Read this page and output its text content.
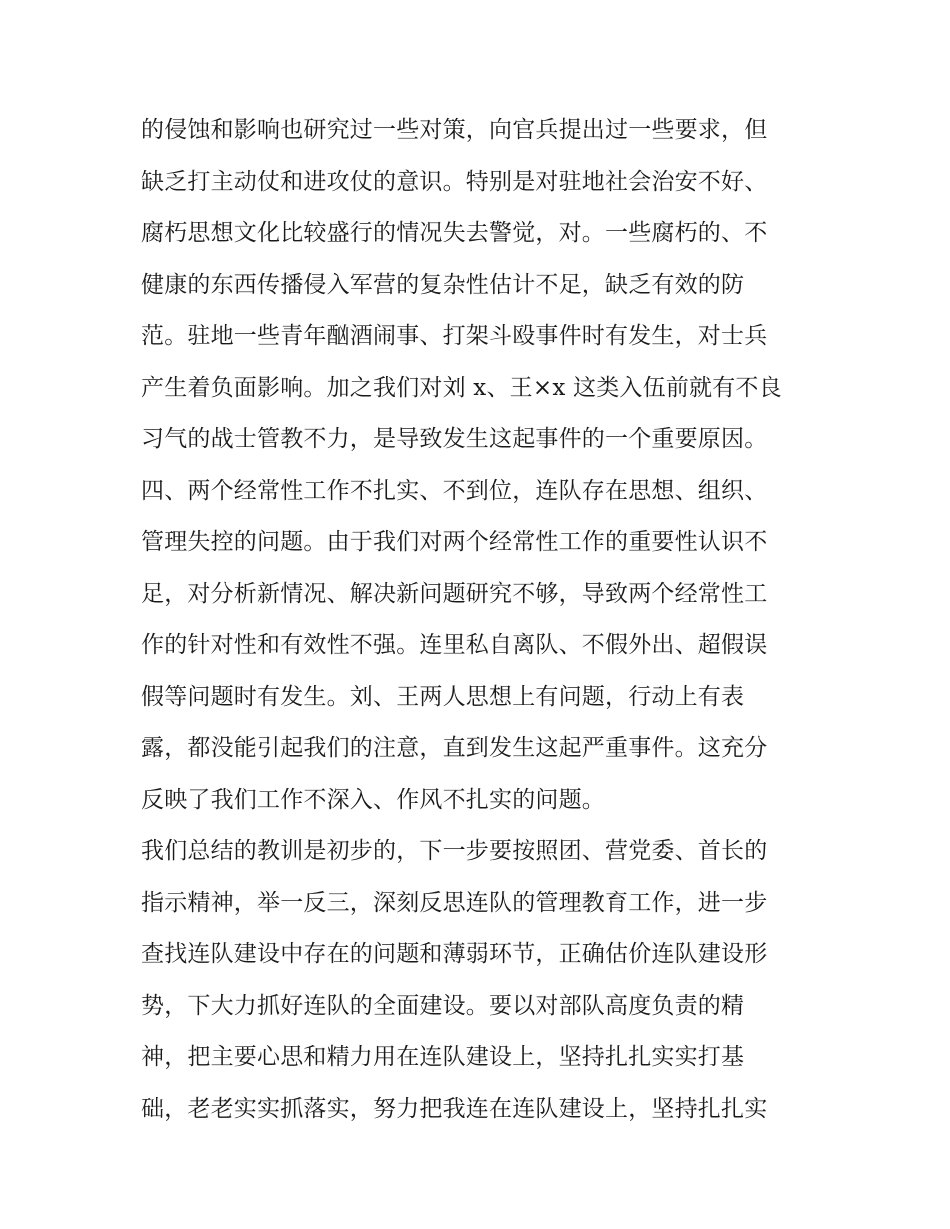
的侵蚀和影响也研究过一些对策，向官兵提出过一些要求，但
缺乏打主动仗和进攻仗的意识。特别是对驻地社会治安不好、
腐朽思想文化比较盛行的情况失去警觉，对。一些腐朽的、不
健康的东西传播侵入军营的复杂性估计不足，缺乏有效的防
范。驻地一些青年酗酒闹事、打架斗殴事件时有发生，对士兵
产生着负面影响。加之我们对刘 x、王×x 这类入伍前就有不良
习气的战士管教不力，是导致发生这起事件的一个重要原因。
四、两个经常性工作不扎实、不到位，连队存在思想、组织、
管理失控的问题。由于我们对两个经常性工作的重要性认识不
足，对分析新情况、解决新问题研究不够，导致两个经常性工
作的针对性和有效性不强。连里私自离队、不假外出、超假误
假等问题时有发生。刘、王两人思想上有问题，行动上有表
露，都没能引起我们的注意，直到发生这起严重事件。这充分
反映了我们工作不深入、作风不扎实的问题。
我们总结的教训是初步的，下一步要按照团、营党委、首长的
指示精神，举一反三，深刻反思连队的管理教育工作，进一步
查找连队建设中存在的问题和薄弱环节，正确估价连队建设形
势，下大力抓好连队的全面建设。要以对部队高度负责的精
神，把主要心思和精力用在连队建设上，坚持扎扎实实打基
础，老老实实抓落实，努力把我连在连队建设上，坚持扎扎实
